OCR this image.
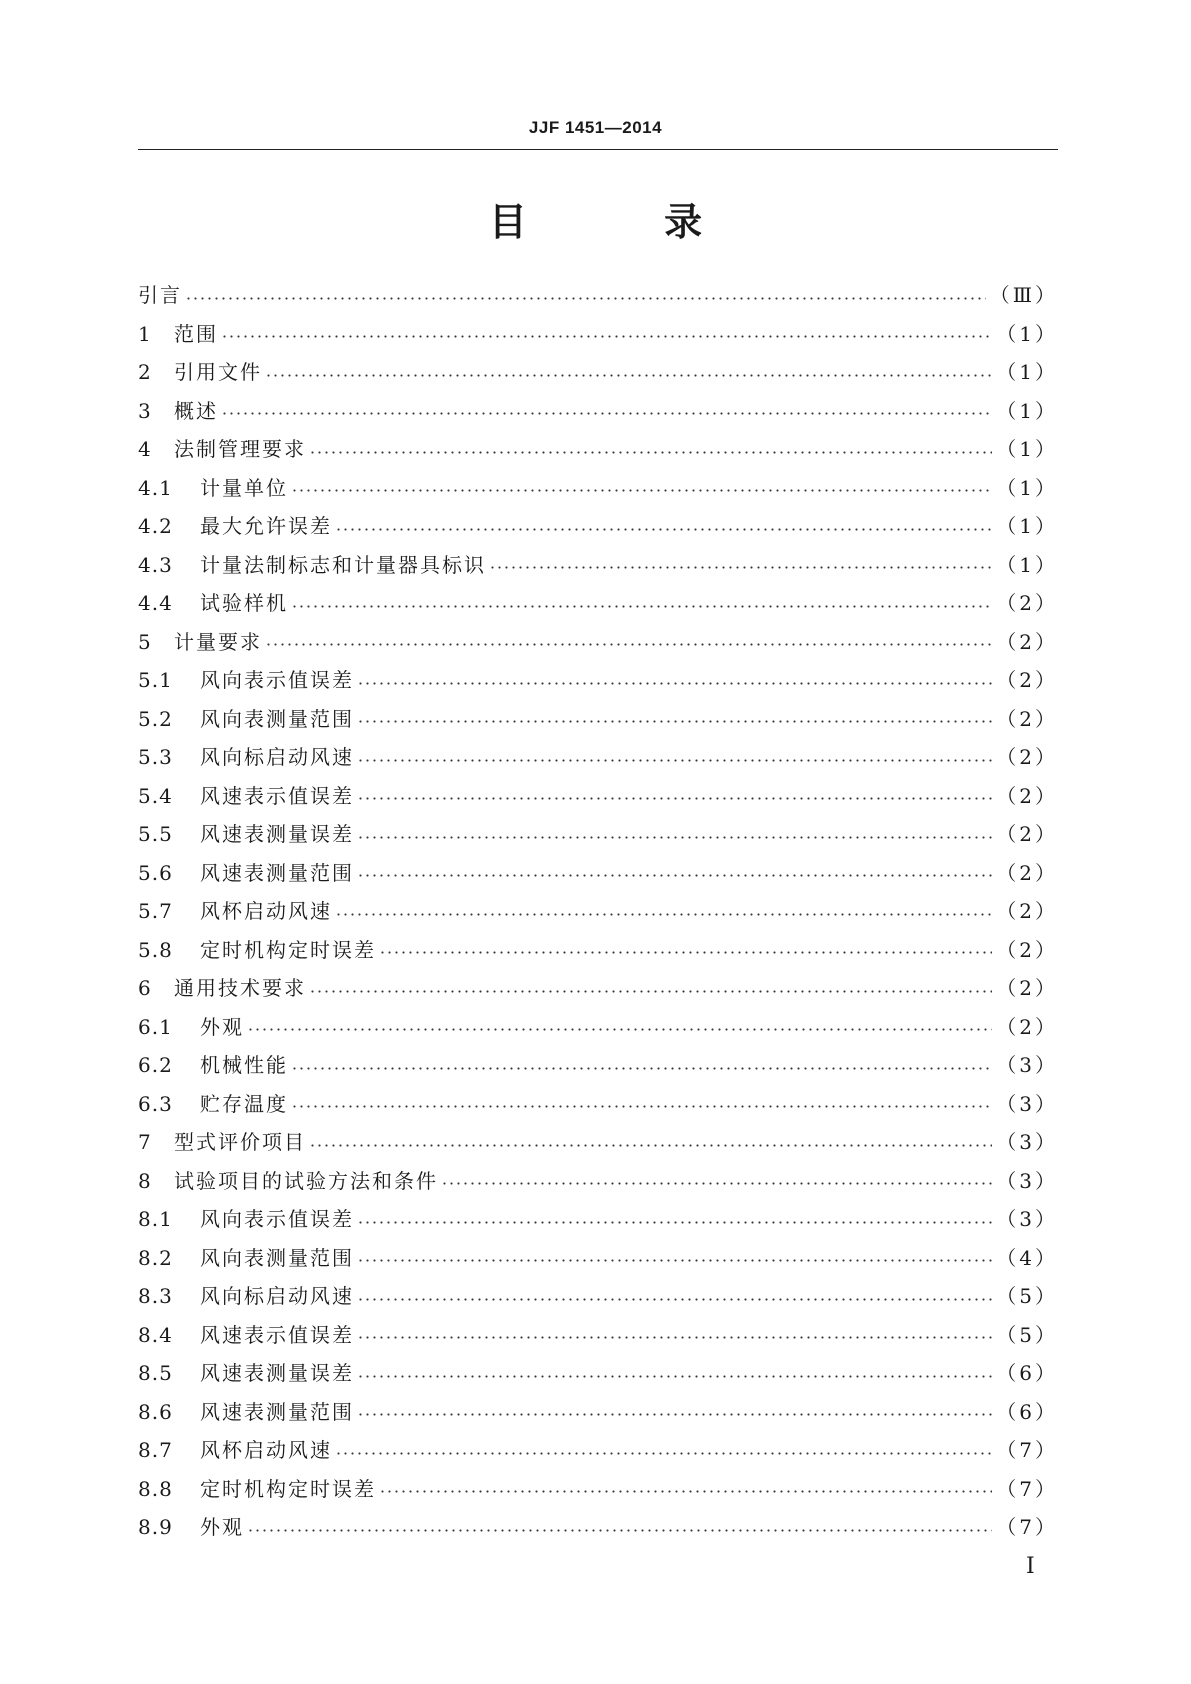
JJF 1451—2014
目 录
引言	（Ⅲ）
1	范围	（1）
2	引用文件	（1）
3	概述	（1）
4	法制管理要求	（1）
4.1	计量单位	（1）
4.2	最大允许误差	（1）
4.3	计量法制标志和计量器具标识	（1）
4.4	试验样机	（2）
5	计量要求	（2）
5.1	风向表示值误差	（2）
5.2	风向表测量范围	（2）
5.3	风向标启动风速	（2）
5.4	风速表示值误差	（2）
5.5	风速表测量误差	（2）
5.6	风速表测量范围	（2）
5.7	风杯启动风速	（2）
5.8	定时机构定时误差	（2）
6	通用技术要求	（2）
6.1	外观	（2）
6.2	机械性能	（3）
6.3	贮存温度	（3）
7	型式评价项目	（3）
8	试验项目的试验方法和条件	（3）
8.1	风向表示值误差	（3）
8.2	风向表测量范围	（4）
8.3	风向标启动风速	（5）
8.4	风速表示值误差	（5）
8.5	风速表测量误差	（6）
8.6	风速表测量范围	（6）
8.7	风杯启动风速	（7）
8.8	定时机构定时误差	（7）
8.9	外观	（7）
I
